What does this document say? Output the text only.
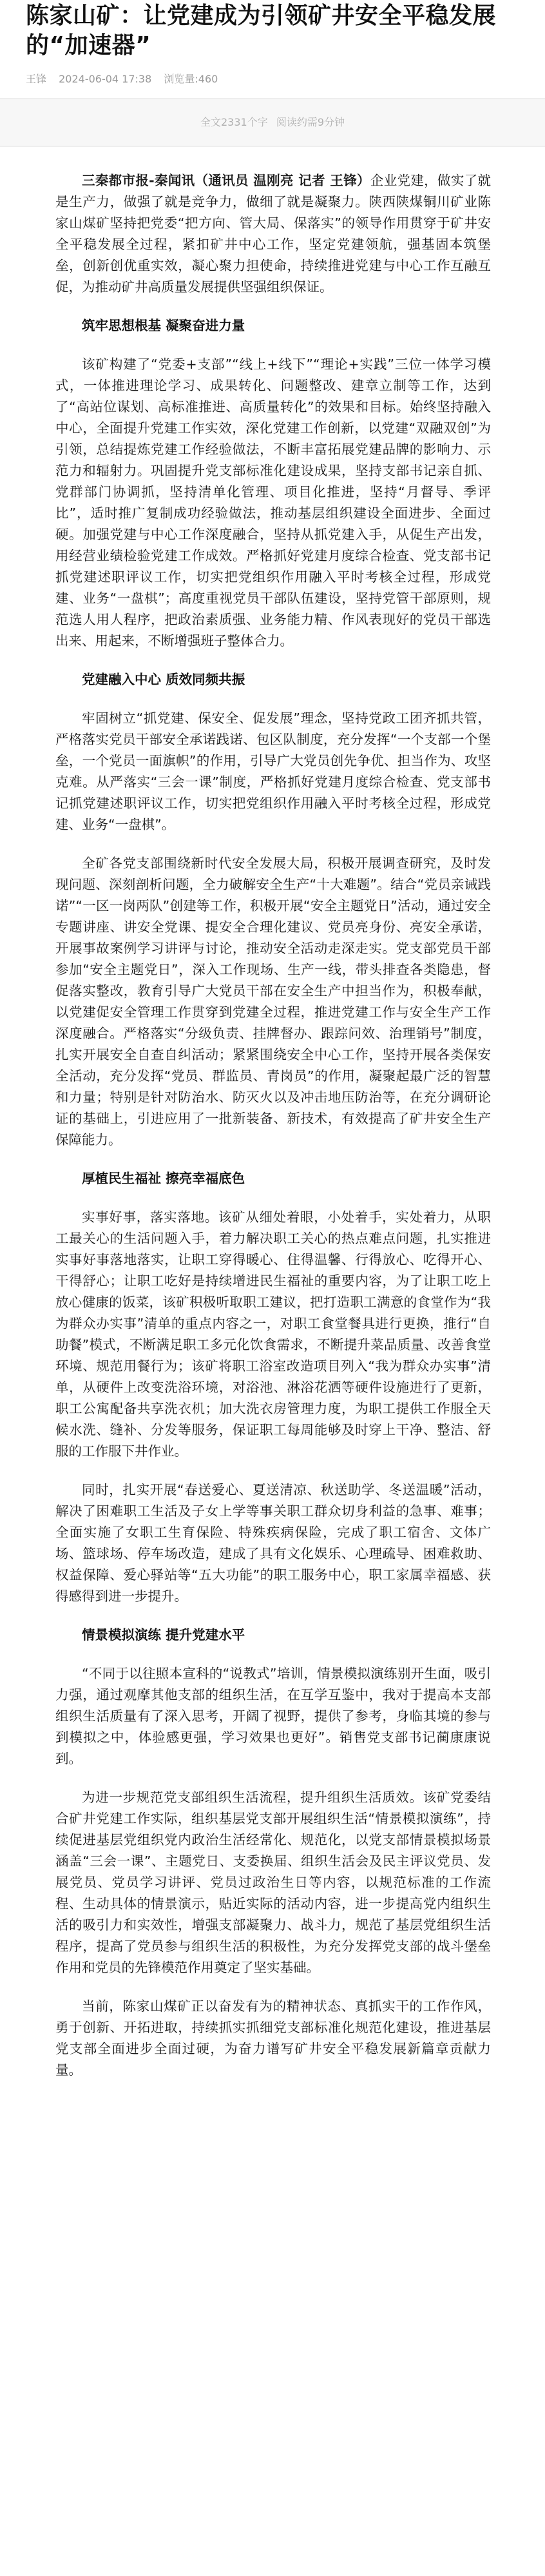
陈家山矿：让党建成为引领矿井安全平稳发展的“加速器”
王锋 2024-06-04 17:38 浏览量:460
全文2331个字 阅读约需9分钟

三秦都市报-秦闻讯（通讯员 温刚亮 记者 王锋）企业党建，做实了就是生产力，做强了就是竞争力，做细了就是凝聚力。陕西陕煤铜川矿业陈家山煤矿坚持把党委“把方向、管大局、保落实”的领导作用贯穿于矿井安全平稳发展全过程，紧扣矿井中心工作，坚定党建领航，强基固本筑堡垒，创新创优重实效，凝心聚力担使命，持续推进党建与中心工作互融互促，为推动矿井高质量发展提供坚强组织保证。

筑牢思想根基 凝聚奋进力量

该矿构建了“党委+支部”“线上+线下”“理论+实践”三位一体学习模式，一体推进理论学习、成果转化、问题整改、建章立制等工作，达到了“高站位谋划、高标准推进、高质量转化”的效果和目标。始终坚持融入中心，全面提升党建工作实效，深化党建工作创新，以党建“双融双创”为引领，总结提炼党建工作经验做法，不断丰富拓展党建品牌的影响力、示范力和辐射力。巩固提升党支部标准化建设成果，坚持支部书记亲自抓、党群部门协调抓，坚持清单化管理、项目化推进，坚持“月督导、季评比”，适时推广复制成功经验做法，推动基层组织建设全面进步、全面过硬。加强党建与中心工作深度融合，坚持从抓党建入手，从促生产出发，用经营业绩检验党建工作成效。严格抓好党建月度综合检查、党支部书记抓党建述职评议工作，切实把党组织作用融入平时考核全过程，形成党建、业务“一盘棋”；高度重视党员干部队伍建设，坚持党管干部原则，规范选人用人程序，把政治素质强、业务能力精、作风表现好的党员干部选出来、用起来，不断增强班子整体合力。

党建融入中心 质效同频共振

牢固树立“抓党建、保安全、促发展”理念，坚持党政工团齐抓共管，严格落实党员干部安全承诺践诺、包区队制度，充分发挥“一个支部一个堡垒，一个党员一面旗帜”的作用，引导广大党员创先争优、担当作为、攻坚克难。从严落实“三会一课”制度，严格抓好党建月度综合检查、党支部书记抓党建述职评议工作，切实把党组织作用融入平时考核全过程，形成党建、业务“一盘棋”。

全矿各党支部围绕新时代安全发展大局，积极开展调查研究，及时发现问题、深刻剖析问题，全力破解安全生产“十大难题”。结合“党员亲诫践诺”“一区一岗两队”创建等工作，积极开展“安全主题党日”活动，通过安全专题讲座、讲安全党课、提安全合理化建议、党员亮身份、亮安全承诺，开展事故案例学习讲评与讨论，推动安全活动走深走实。党支部党员干部参加“安全主题党日”，深入工作现场、生产一线，带头排查各类隐患，督促落实整改，教育引导广大党员干部在安全生产中担当作为，积极奉献，以党建促安全管理工作贯穿到党建全过程，推进党建工作与安全生产工作深度融合。严格落实“分级负责、挂牌督办、跟踪问效、治理销号”制度，扎实开展安全自查自纠活动；紧紧围绕安全中心工作，坚持开展各类保安全活动，充分发挥“党员、群监员、青岗员”的作用，凝聚起最广泛的智慧和力量；特别是针对防治水、防灭火以及冲击地压防治等，在充分调研论证的基础上，引进应用了一批新装备、新技术，有效提高了矿井安全生产保障能力。

厚植民生福祉 擦亮幸福底色

实事好事，落实落地。该矿从细处着眼，小处着手，实处着力，从职工最关心的生活问题入手，着力解决职工关心的热点难点问题，扎实推进实事好事落地落实，让职工穿得暖心、住得温馨、行得放心、吃得开心、干得舒心；让职工吃好是持续增进民生福祉的重要内容，为了让职工吃上放心健康的饭菜，该矿积极听取职工建议，把打造职工满意的食堂作为“我为群众办实事”清单的重点内容之一，对职工食堂餐具进行更换，推行“自助餐”模式，不断满足职工多元化饮食需求，不断提升菜品质量、改善食堂环境、规范用餐行为；该矿将职工浴室改造项目列入“我为群众办实事”清单，从硬件上改变洗浴环境，对浴池、淋浴花洒等硬件设施进行了更新，职工公寓配备共享洗衣机；加大洗衣房管理力度，为职工提供工作服全天候水洗、缝补、分发等服务，保证职工每周能够及时穿上干净、整洁、舒服的工作服下井作业。

同时，扎实开展“春送爱心、夏送清凉、秋送助学、冬送温暖”活动，解决了困难职工生活及子女上学等事关职工群众切身利益的急事、难事；全面实施了女职工生育保险、特殊疾病保险，完成了职工宿舍、文体广场、篮球场、停车场改造，建成了具有文化娱乐、心理疏导、困难救助、权益保障、爱心驿站等“五大功能”的职工服务中心，职工家属幸福感、获得感得到进一步提升。

情景模拟演练 提升党建水平

“不同于以往照本宣科的“说教式”培训，情景模拟演练别开生面，吸引力强，通过观摩其他支部的组织生活，在互学互鉴中，我对于提高本支部组织生活质量有了深入思考，开阔了视野，提供了参考，身临其境的参与到模拟之中，体验感更强，学习效果也更好”。销售党支部书记蔺康康说到。

为进一步规范党支部组织生活流程，提升组织生活质效。该矿党委结合矿井党建工作实际，组织基层党支部开展组织生活“情景模拟演练”，持续促进基层党组织党内政治生活经常化、规范化，以党支部情景模拟场景涵盖“三会一课”、主题党日、支委换届、组织生活会及民主评议党员、发展党员、党员学习讲评、党员过政治生日等内容，以规范标准的工作流程、生动具体的情景演示，贴近实际的活动内容，进一步提高党内组织生活的吸引力和实效性，增强支部凝聚力、战斗力，规范了基层党组织生活程序，提高了党员参与组织生活的积极性，为充分发挥党支部的战斗堡垒作用和党员的先锋模范作用奠定了坚实基础。

当前，陈家山煤矿正以奋发有为的精神状态、真抓实干的工作作风，勇于创新、开拓进取，持续抓实抓细党支部标准化规范化建设，推进基层党支部全面进步全面过硬，为奋力谱写矿井安全平稳发展新篇章贡献力量。
